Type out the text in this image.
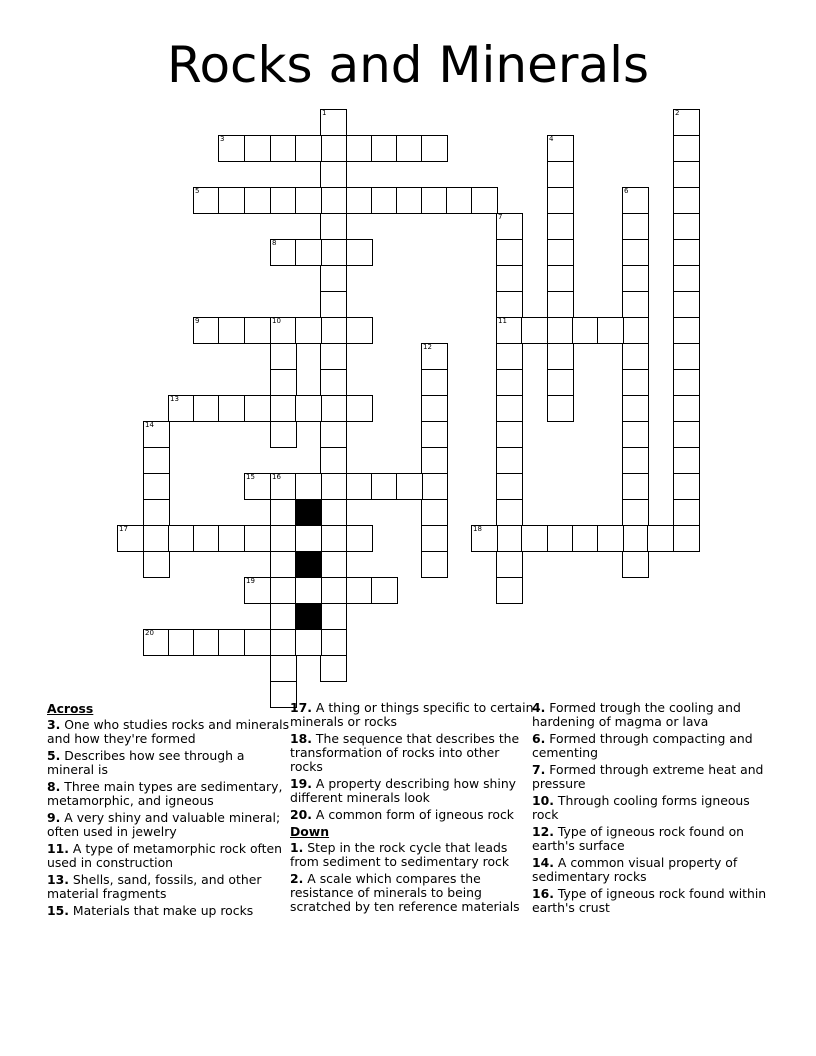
Rocks and Minerals
1	2
3	4
5	6
7
11
8
9	10
12
13
14
15 16
17	18
19
20
Across
3. One who studies rocks and minerals and how they're formed
5. Describes how see through a mineral is
8. Three main types are sedimentary, metamorphic, and igneous
9. A very shiny and valuable mineral; often used in jewelry
11. A type of metamorphic rock often used in construction
13. Shells, sand, fossils, and other material fragments
15. Materials that make up rocks
17. A thing or things specific to certain minerals or rocks
18. The sequence that describes the transformation of rocks into other rocks
19. A property describing how shiny different minerals look
20. A common form of igneous rock
Down
1. Step in the rock cycle that leads from sediment to sedimentary rock
2. A scale which compares the resistance of minerals to being scratched by ten reference materials
4. Formed trough the cooling and hardening of magma or lava
6. Formed through compacting and cementing
7. Formed through extreme heat and pressure
10. Through cooling forms igneous rock
12. Type of igneous rock found on earth's surface
14. A common visual property of sedimentary rocks
16. Type of igneous rock found within earth's crust
